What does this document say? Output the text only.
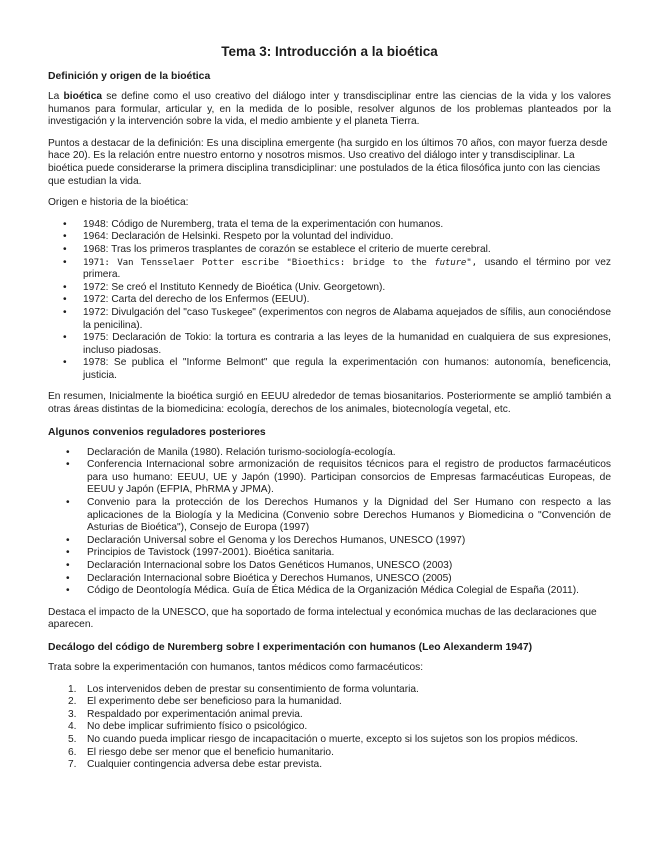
Tema 3: Introducción a la bioética
Definición y origen de la bioética

La bioética se define como el uso creativo del diálogo inter y transdisciplinar entre las ciencias de la vida y los valores humanos para formular, articular y, en la medida de lo posible, resolver algunos de los problemas planteados por la investigación y la intervención sobre la vida, el medio ambiente y el planeta Tierra.

Puntos a destacar de la definición: Es una disciplina emergente (ha surgido en los últimos 70 años, con mayor fuerza desde hace 20). Es la relación entre nuestro entorno y nosotros mismos. Uso creativo del diálogo inter y transdisciplinar. La bioética puede considerarse la primera disciplina transdiciplinar: une postulados de la ética filosófica junto con las ciencias que estudian la vida.

Origen e historia de la bioética:

• 1948: Código de Nuremberg, trata el tema de la experimentación con humanos.
• 1964: Declaración de Helsinki. Respeto por la voluntad del individuo.
• 1968: Tras los primeros trasplantes de corazón se establece el criterio de muerte cerebral.
• 1971: Van Tensselaer Potter escribe "Bioethics: bridge to the future", usando el término por vez primera.
• 1972: Se creó el Instituto Kennedy de Bioética (Univ. Georgetown).
• 1972: Carta del derecho de los Enfermos (EEUU).
• 1972: Divulgación del "caso Tuskegee" (experimentos con negros de Alabama aquejados de sífilis, aun conociéndose la penicilina).
• 1975: Declaración de Tokio: la tortura es contraria a las leyes de la humanidad en cualquiera de sus expresiones, incluso piadosas.
• 1978: Se publica el "Informe Belmont" que regula la experimentación con humanos: autonomía, beneficencia, justicia.

En resumen, Inicialmente la bioética surgió en EEUU alrededor de temas biosanitarios. Posteriormente se amplió también a otras áreas distintas de la biomedicina: ecología, derechos de los animales, biotecnología vegetal, etc.

Algunos convenios reguladores posteriores
• Declaración de Manila (1980). Relación turismo-sociología-ecología.
• Conferencia Internacional sobre armonización de requisitos técnicos para el registro de productos farmacéuticos para uso humano: EEUU, UE y Japón (1990). Participan consorcios de Empresas farmacéuticas Europeas, de EEUU y Japón (EFPIA, PhRMA y JPMA).
• Convenio para la protección de los Derechos Humanos y la Dignidad del Ser Humano con respecto a las aplicaciones de la Biología y la Medicina (Convenio sobre Derechos Humanos y Biomedicina o "Convención de Asturias de Bioética"), Consejo de Europa (1997)
• Declaración Universal sobre el Genoma y los Derechos Humanos, UNESCO (1997)
• Principios de Tavistock (1997-2001). Bioética sanitaria.
• Declaración Internacional sobre los Datos Genéticos Humanos, UNESCO (2003)
• Declaración Internacional sobre Bioética y Derechos Humanos, UNESCO (2005)
• Código de Deontología Médica. Guía de Ética Médica de la Organización Médica Colegial de España (2011).

Destaca el impacto de la UNESCO, que ha soportado de forma intelectual y económica muchas de las declaraciones que aparecen.

Decálogo del código de Nuremberg sobre l experimentación con humanos (Leo Alexanderm 1947)

Trata sobre la experimentación con humanos, tantos médicos como farmacéuticos:

1. Los intervenidos deben de prestar su consentimiento de forma voluntaria.
2. El experimento debe ser beneficioso para la humanidad.
3. Respaldado por experimentación animal previa.
4. No debe implicar sufrimiento físico o psicológico.
5. No cuando pueda implicar riesgo de incapacitación o muerte, excepto si los sujetos son los propios médicos.
6. El riesgo debe ser menor que el beneficio humanitario.
7. Cualquier contingencia adversa debe estar prevista.
